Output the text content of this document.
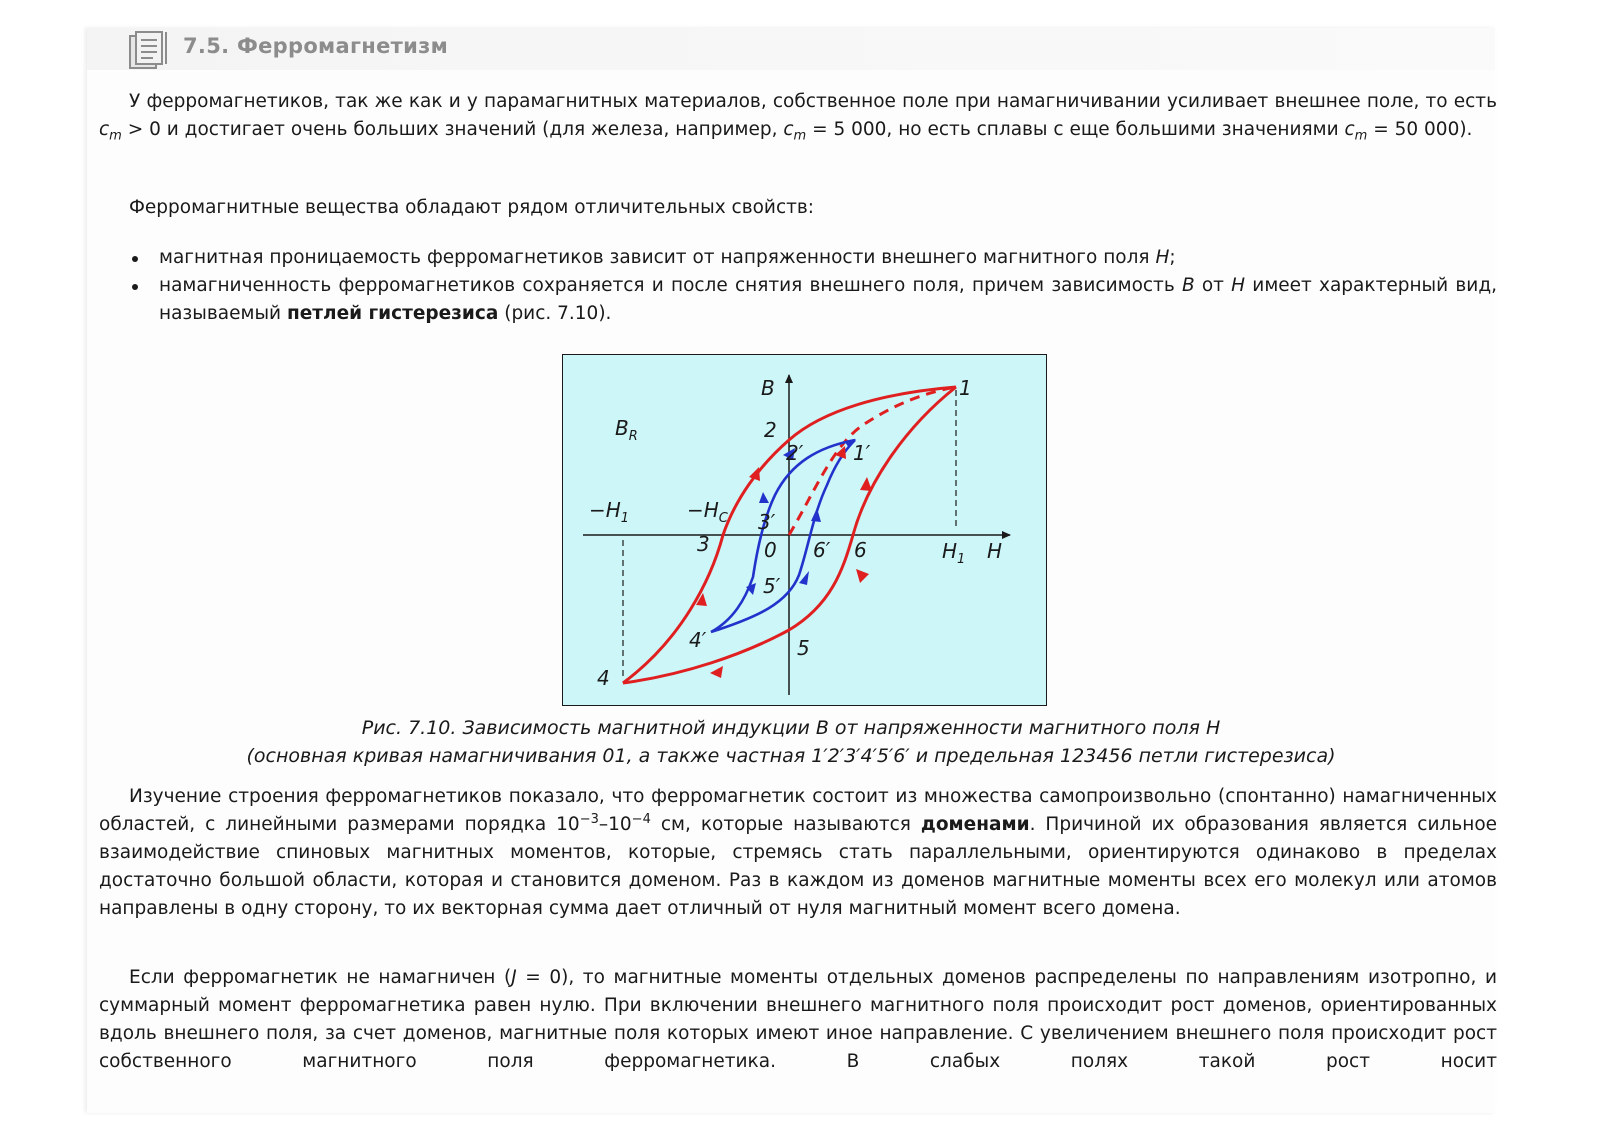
7.5. Ферромагнетизм

У ферромагнетиков, так же как и у парамагнитных материалов, собственное поле при намагничивании усиливает внешнее поле, то есть $c_m > 0$ и достигает очень больших значений (для железа, например, $c_m = 5$ 000, но есть сплавы с еще большими значениями $c_m = 50$ 000).

Ферромагнитные вещества обладают рядом отличительных свойств:

магнитная проницаемость ферромагнетиков зависит от напряженности внешнего магнитного поля H;
намагниченность ферромагнетиков сохраняется и после снятия внешнего поля, причем зависимость B от H имеет характерный вид, называемый петлей гистерезиса (рис. 7.10).
B
H
$B_R$
$-H_1$	$-H_C$
$H_1$
1
2
3
4
5
6
0
1′
2′
3′
4′
5′
6′
Рис. 7.10. Зависимость магнитной индукции B от напряженности магнитного поля H
(основная кривая намагничивания 01, а также частная 1′2′3′4′5′6′ и предельная 123456 петли гистерезиса)

Изучение строения ферромагнетиков показало, что ферромагнетик состоит из множества самопроизвольно (спонтанно) намагниченных областей, с линейными размерами порядка $10^{-3}-10^{-4}$ см, которые называются доменами. Причиной их образования является сильное взаимодействие спиновых магнитных моментов, которые, стремясь стать параллельными, ориентируются одинаково в пределах достаточно большой области, которая и становится доменом. Раз в каждом из доменов магнитные моменты всех его молекул или атомов направлены в одну сторону, то их векторная сумма дает отличный от нуля магнитный момент всего домена.

Если ферромагнетик не намагничен (J = 0), то магнитные моменты отдельных доменов распределены по направлениям изотропно, и суммарный момент ферромагнетика равен нулю. При включении внешнего магнитного поля происходит рост доменов, ориентированных вдоль внешнего поля, за счет доменов, магнитные поля которых имеют иное направление. С увеличением внешнего поля происходит рост собственного магнитного поля ферромагнетика. В слабых полях такой рост носит
